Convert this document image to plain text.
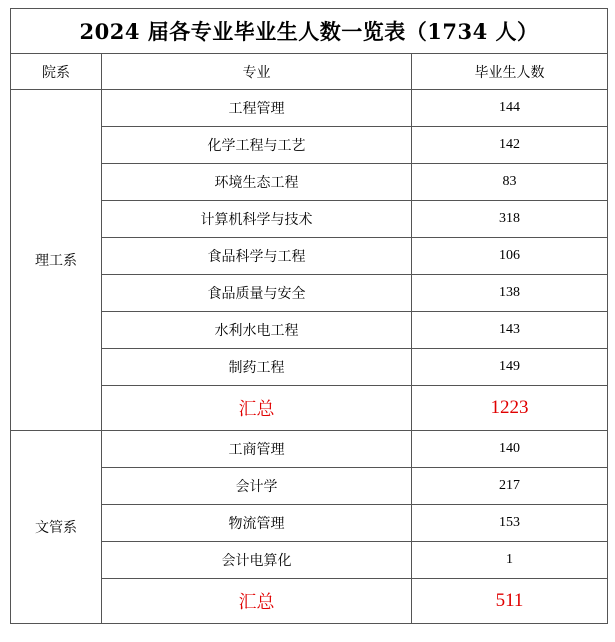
2024 届各专业毕业生人数一览表（1734 人）		
院系	专业	毕业生人数
理工系	工程管理	144
	化学工程与工艺	142
	环境生态工程	83
	计算机科学与技术	318
	食品科学与工程	106
	食品质量与安全	138
	水利水电工程	143
	制药工程	149
	汇总	1223
文管系	工商管理	140
	会计学	217
	物流管理	153
	会计电算化	1
	汇总	511
